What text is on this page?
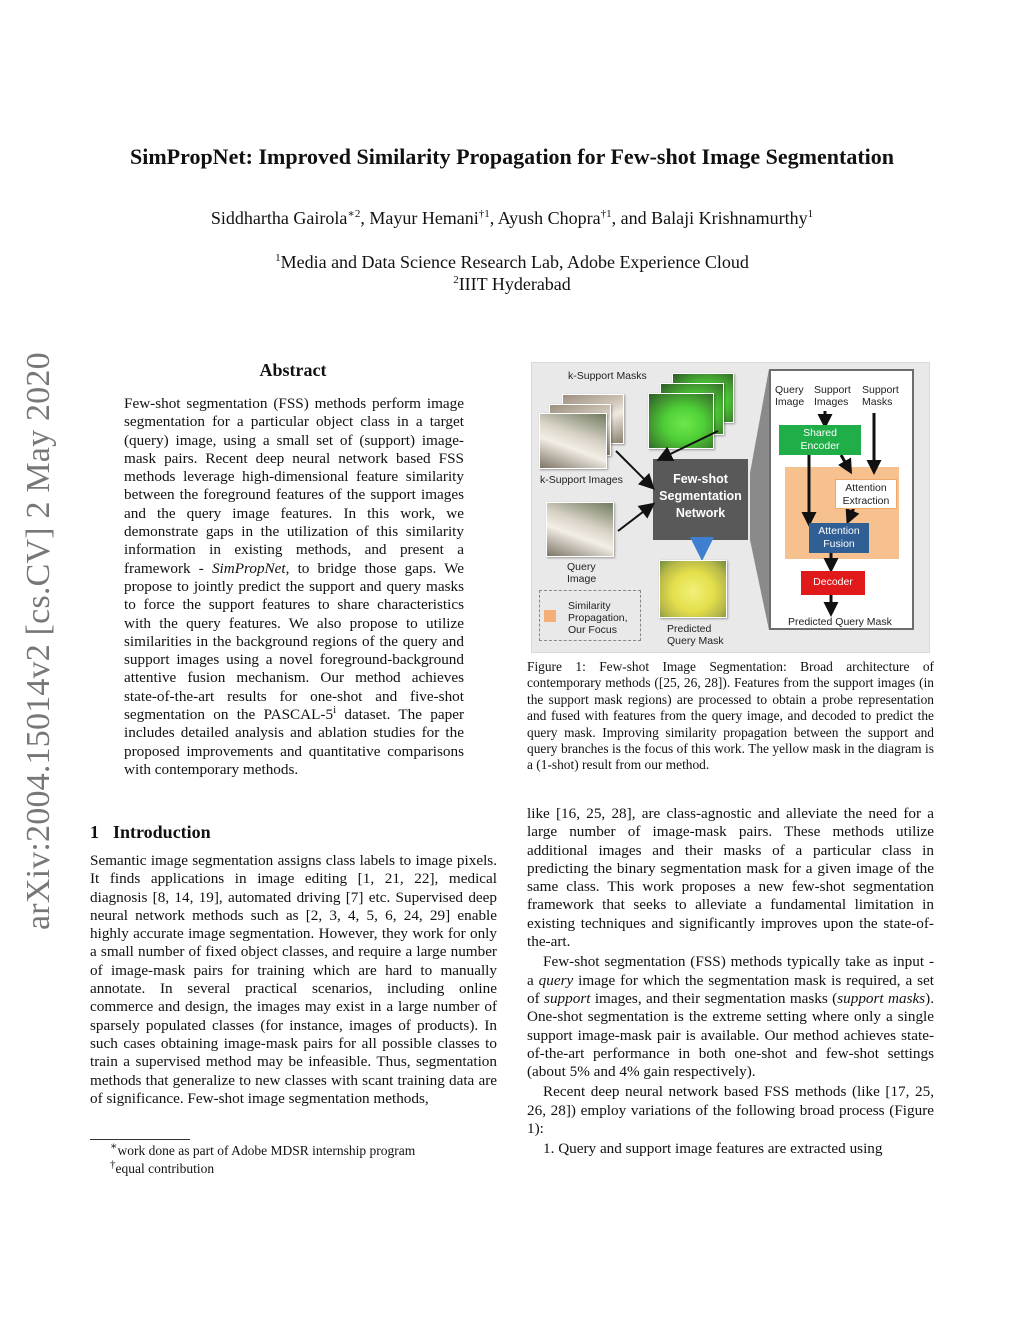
arXiv:2004.15014v2 [cs.CV] 2 May 2020
SimPropNet: Improved Similarity Propagation for Few-shot Image Segmentation
Siddhartha Gairola$^{∗2}$, Mayur Hemani$^{\dagger 1}$, Ayush Chopra$^{\dagger 1}$, and Balaji Krishnamurthy$^1$
$^1$Media and Data Science Research Lab, Adobe Experience Cloud
$^2$IIIT Hyderabad
Abstract
Few-shot segmentation (FSS) methods perform image segmentation for a particular object class in a target (query) image, using a small set of (support) image-mask pairs. Recent deep neural network based FSS methods leverage high-dimensional feature similarity between the foreground features of the support images and the query image features. In this work, we demonstrate gaps in the utilization of this similarity information in existing methods, and present a framework - SimPropNet, to bridge those gaps. We propose to jointly predict the support and query masks to force the support features to share characteristics with the query features. We also propose to utilize similarities in the background regions of the query and support images using a novel foreground-background attentive fusion mechanism. Our method achieves state-of-the-art results for one-shot and five-shot segmentation on the PASCAL-5$^i$ dataset. The paper includes detailed analysis and ablation studies for the proposed improvements and quantitative comparisons with contemporary methods.
1 Introduction
Semantic image segmentation assigns class labels to image pixels. It finds applications in image editing [1, 21, 22], medical diagnosis [8, 14, 19], automated driving [7] etc. Supervised deep neural network methods such as [2, 3, 4, 5, 6, 24, 29] enable highly accurate image segmentation. However, they work for only a small number of fixed object classes, and require a large number of image-mask pairs for training which are hard to manually annotate. In several practical scenarios, including online commerce and design, the images may exist in a large number of sparsely populated classes (for instance, images of products). In such cases obtaining image-mask pairs for all possible classes to train a supervised method may be infeasible. Thus, segmentation methods that generalize to new classes with scant training data are of significance. Few-shot image segmentation methods,
∗work done as part of Adobe MDSR internship program
†equal contribution
k-Support Masks
k-Support Images
Query
Image
Similarity
Propagation,
Our Focus
Few-shot Segmentation Network
Predicted
Query Mask
Query
Image
Support
Images
Support
Masks
Shared
Encoder
Attention
Extraction
Attention
Fusion
Decoder
Predicted Query Mask
Figure 1: Few-shot Image Segmentation: Broad architecture of contemporary methods ([25, 26, 28]). Features from the support images (in the support mask regions) are processed to obtain a probe representation and fused with features from the query image, and decoded to predict the query mask. Improving similarity propagation between the support and query branches is the focus of this work. The yellow mask in the diagram is a (1-shot) result from our method.

like [16, 25, 28], are class-agnostic and alleviate the need for a large number of image-mask pairs. These methods utilize additional images and their masks of a particular class in predicting the binary segmentation mask for a given image of the same class. This work proposes a new few-shot segmentation framework that seeks to alleviate a fundamental limitation in existing techniques and significantly improves upon the state-of-the-art.

Few-shot segmentation (FSS) methods typically take as input - a query image for which the segmentation mask is required, a set of support images, and their segmentation masks (support masks). One-shot segmentation is the extreme setting where only a single support image-mask pair is available. Our method achieves state-of-the-art performance in both one-shot and few-shot settings (about 5% and 4% gain respectively).

Recent deep neural network based FSS methods (like [17, 25, 26, 28]) employ variations of the following broad process (Figure 1):

1. Query and support image features are extracted using
